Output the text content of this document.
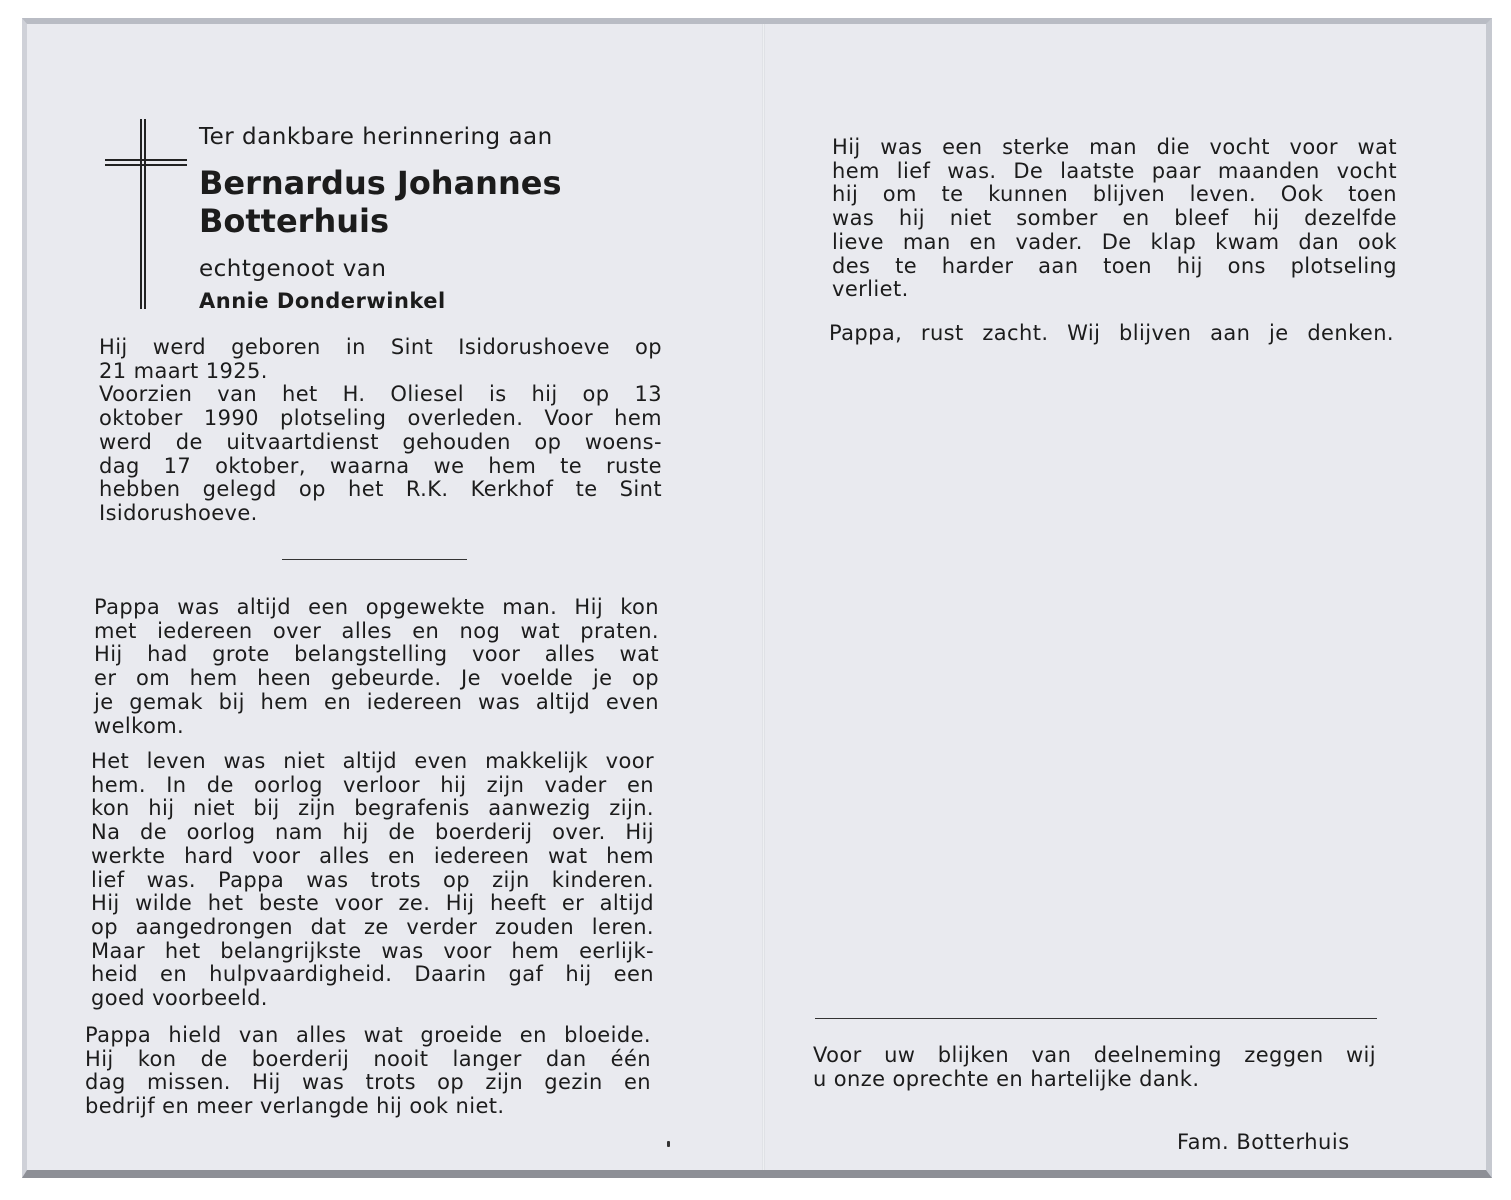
Ter dankbare herinnering aan

Bernardus Johannes
Botterhuis

echtgenoot van

Annie Donderwinkel

Hij werd geboren in Sint Isidorushoeve op
21 maart 1925.
Voorzien van het H. Oliesel is hij op 13
oktober 1990 plotseling overleden. Voor hem
werd de uitvaartdienst gehouden op woens-
dag 17 oktober, waarna we hem te ruste
hebben gelegd op het R.K. Kerkhof te Sint
Isidorushoeve.
Pappa was altijd een opgewekte man. Hij kon
met iedereen over alles en nog wat praten.
Hij had grote belangstelling voor alles wat
er om hem heen gebeurde. Je voelde je op
je gemak bij hem en iedereen was altijd even
welkom.
Het leven was niet altijd even makkelijk voor
hem. In de oorlog verloor hij zijn vader en
kon hij niet bij zijn begrafenis aanwezig zijn.
Na de oorlog nam hij de boerderij over. Hij
werkte hard voor alles en iedereen wat hem
lief was. Pappa was trots op zijn kinderen.
Hij wilde het beste voor ze. Hij heeft er altijd
op aangedrongen dat ze verder zouden leren.
Maar het belangrijkste was voor hem eerlijk-
heid en hulpvaardigheid. Daarin gaf hij een
goed voorbeeld.
Pappa hield van alles wat groeide en bloeide.
Hij kon de boerderij nooit langer dan één
dag missen. Hij was trots op zijn gezin en
bedrijf en meer verlangde hij ook niet.
Hij was een sterke man die vocht voor wat
hem lief was. De laatste paar maanden vocht
hij om te kunnen blijven leven. Ook toen
was hij niet somber en bleef hij dezelfde
lieve man en vader. De klap kwam dan ook
des te harder aan toen hij ons plotseling
verliet.
Pappa, rust zacht. Wij blijven aan je denken.
Voor uw blijken van deelneming zeggen wij
u onze oprechte en hartelijke dank.

Fam. Botterhuis
